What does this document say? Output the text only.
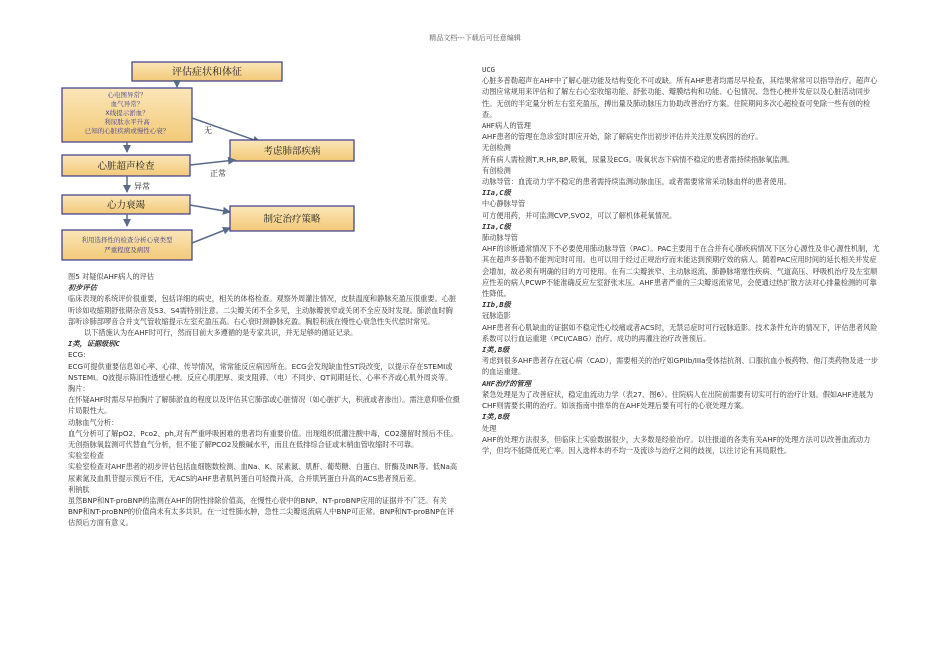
精品文档---下载后可任意编辑
评估症状和体征
心电图异常？
血气异常？
X线提示淤血？
利尿肽水平升高
已知的心脏疾病或慢性心衰？	无
考虑肺部疾病
心脏超声检查
正常
异常
心力衰竭
利用选择性的检查分析心衰类型
严重程度及病因
制定治疗策略

图5 对疑似AHF病人的评估

初步评估

临床表现的系统评价很重要，包括详细的病史，相关的体格检查。观察外周灌注情况，皮肤温度和静脉充盈压很重要。心脏听诊如收缩期舒张期杂音及S3、S4需特别注意。二尖瓣关闭不全多见，主动脉瓣狭窄或关闭不全应及时发现。肺淤血时胸部听诊肺部啰音合并支气管收缩提示左室充盈压高。右心衰时颈静脉充盈。胸腔积液在慢性心衰急性失代偿时常见。

以下措施认为在AHF时可行，然而目前大多遵循的是专家共识，并无足够的循证记录。

I类，证据级别C

ECG:

ECG可提供重要信息如心率、心律、传导情况，常常能反应病因所在。ECG会发现缺血性ST段改变，以提示存在STEMI或NSTEMI。Q波提示陈旧性透壁心梗。反应心肌肥厚、束支阻滞、（电）不同步、QT间期延长、心率不齐或心肌外周炎等。

胸片：

在怀疑AHF时需尽早拍胸片了解肺淤血的程度以及评估其它肺部或心脏情况（如心脏扩大，积液或者渗出）。需注意仰卧位摄片局限性大。

动脉血气分析：

血气分析可了解pO2、Pco2、ph,对有严重呼吸困难的患者均有重要价值。出现组织低灌注酸中毒，CO2潴留时预后不佳。无创指脉氧监测可代替血气分析，但不能了解PCO2及酸碱水平，而且在低排综合征或末梢血管收缩时不可靠。

实验室检查

实验室检查对AHF患者的初步评估包括血细胞数检测、血Na、K、尿素氮、肌酐、葡萄糖、白蛋白、肝酶及INR等。低Na高尿素氮及血肌苷提示预后不佳，无ACS的AHF患者肌钙蛋白可轻微升高，合并肌钙蛋白升高的ACS患者预后差。

利钠肽

虽然BNP和NT-proBNP的监测在AHF的阴性排除价值高，在慢性心衰中的BNP、NT-proBNP应用的证据并不广泛。有关BNP和NT-proBNP的价值尚未有太多共识。在一过性肺水肿，急性二尖瓣返流病人中BNP可正常。BNP和NT-proBNP在评估预后方面有意义。

UCG

心脏多普勒超声在AHF中了解心脏功能及结构变化不可或缺。所有AHF患者均需尽早检查，其结果常常可以指导治疗。超声心动图应常规用来评估和了解左右心室收缩功能、舒张功能、瓣膜结构和功能、心包情况、急性心梗并发症以及心脏活动同步性。无创的半定量分析左右室充盈压，搏出量及肺动脉压力协助改善治疗方案。住院期间多次心超检查可免除一些有创的检查。

AHF病人的管理

AHF患者的管理在急诊室时即应开始，除了解病史作出初步评估并关注原发病因的治疗。

无创检测

所有病人需检测T,R,HR,BP,吸氧，尿量及ECG。吸氧状态下病情不稳定的患者需持续指脉氧监测。

有创检测

动脉导管：血流动力学不稳定的患者需持续监测动脉血压，或者需要常常采动脉血样的患者使用。

IIa,C级

中心静脉导管

可方便用药，并可监测CVP,SVO2，可以了解机体耗氧情况。

IIa,C级

肺动脉导管

AHF的诊断通常情况下不必要使用肺动脉导管（PAC）。PAC主要用于在合并有心肺疾病情况下区分心源性及非心源性机制，尤其在超声多普勒不能判定时可用。也可以用于经过正规治疗而未能达到预期疗效的病人。随着PAC应用时间的延长相关并发症会增加，故必须有明确的目的方可使用。在有二尖瓣狭窄、主动脉返流、肺静脉堵塞性疾病、气道高压、呼吸机治疗及左室顺应性差的病人PCWP不能准确反应左室舒张末压。AHF患者严重的三尖瓣返流常见，会使通过热扩散方法对心排量检测的可靠性降低。

IIb,B级

冠脉造影

AHF患者有心肌缺血的证据如不稳定性心绞痛或者ACS时，无禁忌症时可行冠脉造影。技术条件允许的情况下，评估患者风险系数可以行血运重建（PCI/CABG）治疗。成功的再灌注治疗改善预后。

I类,B级

考虑到很多AHF患者存在冠心病（CAD），需要相关的治疗如GPIIb/IIIa受体拮抗剂、口服抗血小板药物、他汀类药物及进一步的血运重建。

AHF治疗的管理

紧急处理是为了改善症状，稳定血流动力学（表27、图6）。住院病人在出院前需要有切实可行的治疗计划。假如AHF进展为CHF则需要长期的治疗。如该指南中推举的在AHF处理后要有可行的心衰处理方案。

I类,B级

处理

AHF的处理方法很多，但临床上实验数据很少，大多数是经验治疗。以往报道的各类有关AHF的处理方法可以改善血流动力学，但均不能降低死亡率。因入选样本的不均一及流诊与治疗之间的歧视，以往讨论有其局限性。
